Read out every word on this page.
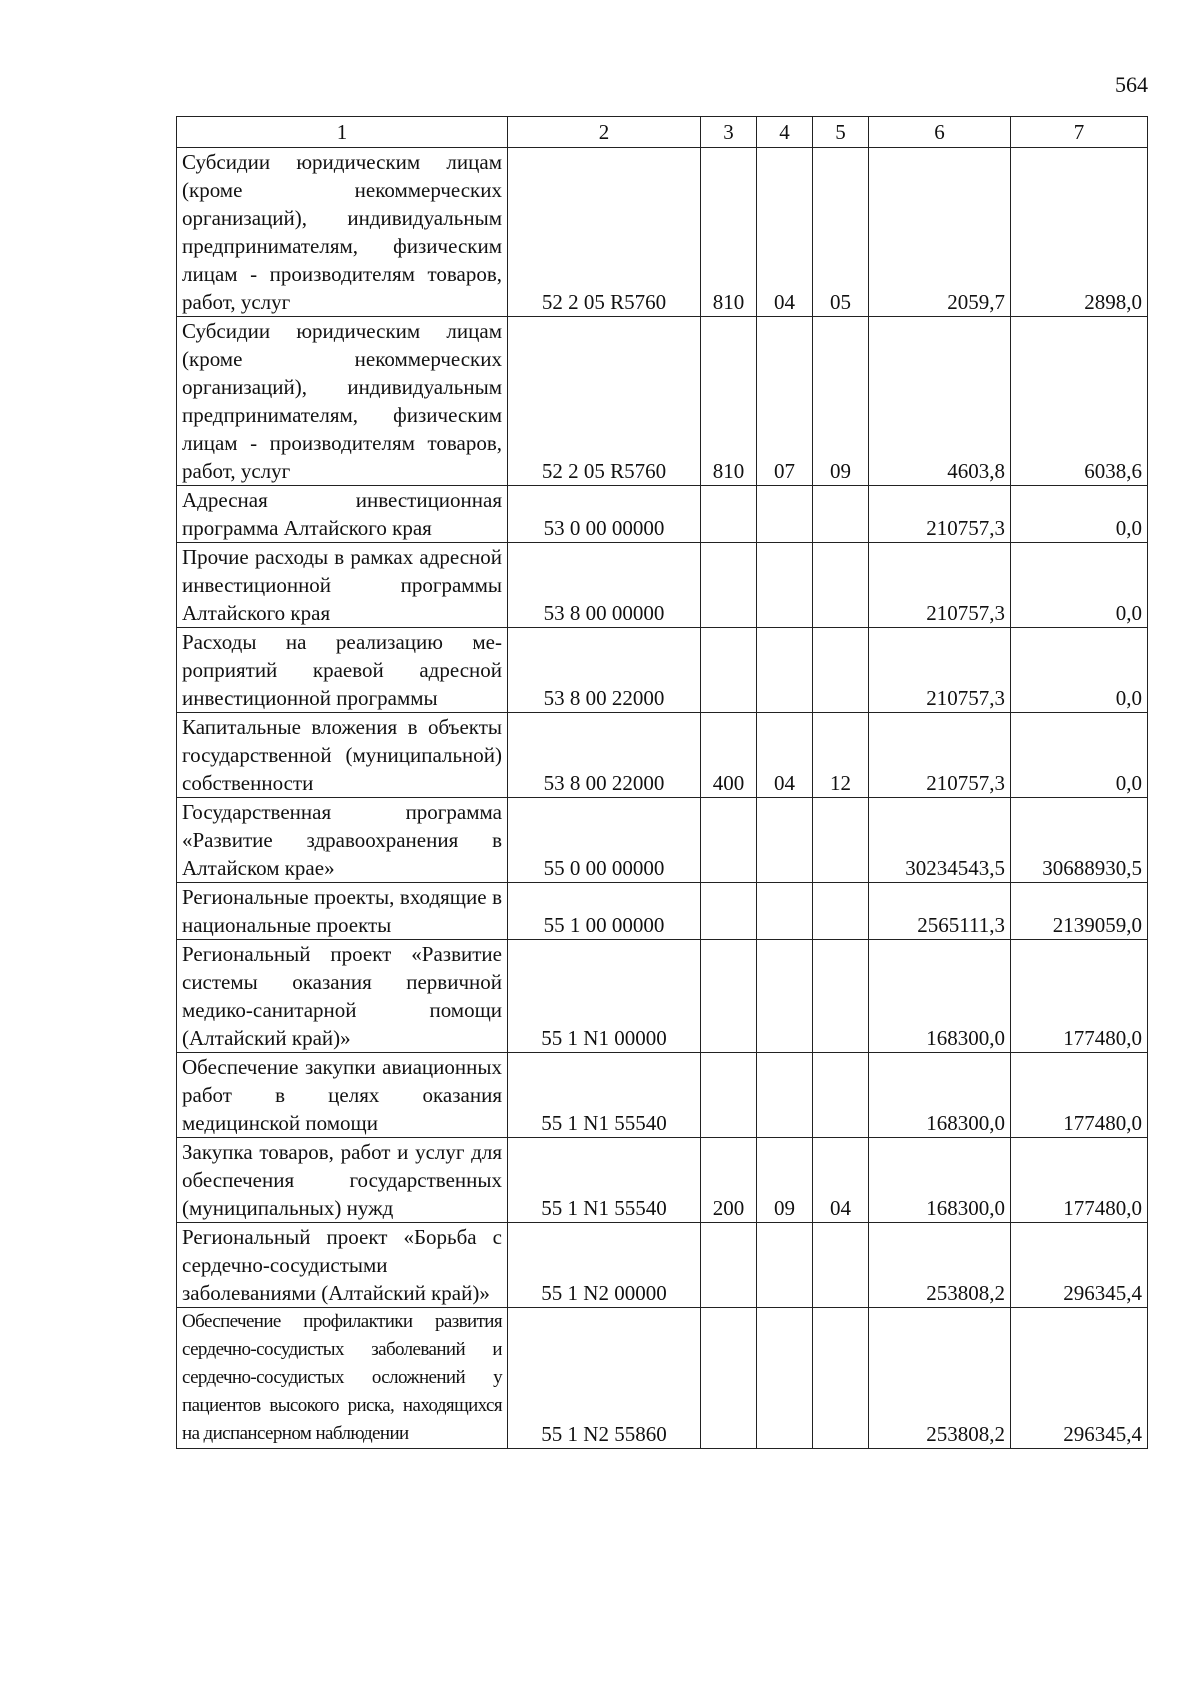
564
1	2	3	4	5	6	7
Субсидии юридическим лицам (кроме некоммерческих организаций), индивидуальным предпринимателям, физическим лицам - производителям товаров, работ, услуг	52 2 05 R5760	810	04	05	2059,7	2898,0
Субсидии юридическим лицам (кроме некоммерческих организаций), индивидуальным предпринимателям, физическим лицам - производителям товаров, работ, услуг	52 2 05 R5760	810	07	09	4603,8	6038,6
Адресная инвестиционная программа Алтайского края	53 0 00 00000				210757,3	0,0
Прочие расходы в рамках адресной инвестиционной программы Алтайского края	53 8 00 00000				210757,3	0,0
Расходы на реализацию мероприятий краевой адресной инвестиционной программы	53 8 00 22000				210757,3	0,0
Капитальные вложения в объекты государственной (муниципальной) собственности	53 8 00 22000	400	04	12	210757,3	0,0
Государственная программа «Развитие здравоохранения в Алтайском крае»	55 0 00 00000				30234543,5	30688930,5
Региональные проекты, входящие в национальные проекты	55 1 00 00000				2565111,3	2139059,0
Региональный проект «Развитие системы оказания первичной медико-санитарной помощи (Алтайский край)»	55 1 N1 00000				168300,0	177480,0
Обеспечение закупки авиационных работ в целях оказания медицинской помощи	55 1 N1 55540				168300,0	177480,0
Закупка товаров, работ и услуг для обеспечения государственных (муниципальных) нужд	55 1 N1 55540	200	09	04	168300,0	177480,0
Региональный проект «Борьба с сердечно-сосудистыми заболеваниями (Алтайский край)»	55 1 N2 00000				253808,2	296345,4
Обеспечение профилактики развития сердечно-сосудистых заболеваний и сердечно-сосудистых осложнений у пациентов высокого риска, находящихся на диспансерном наблюдении	55 1 N2 55860				253808,2	296345,4
